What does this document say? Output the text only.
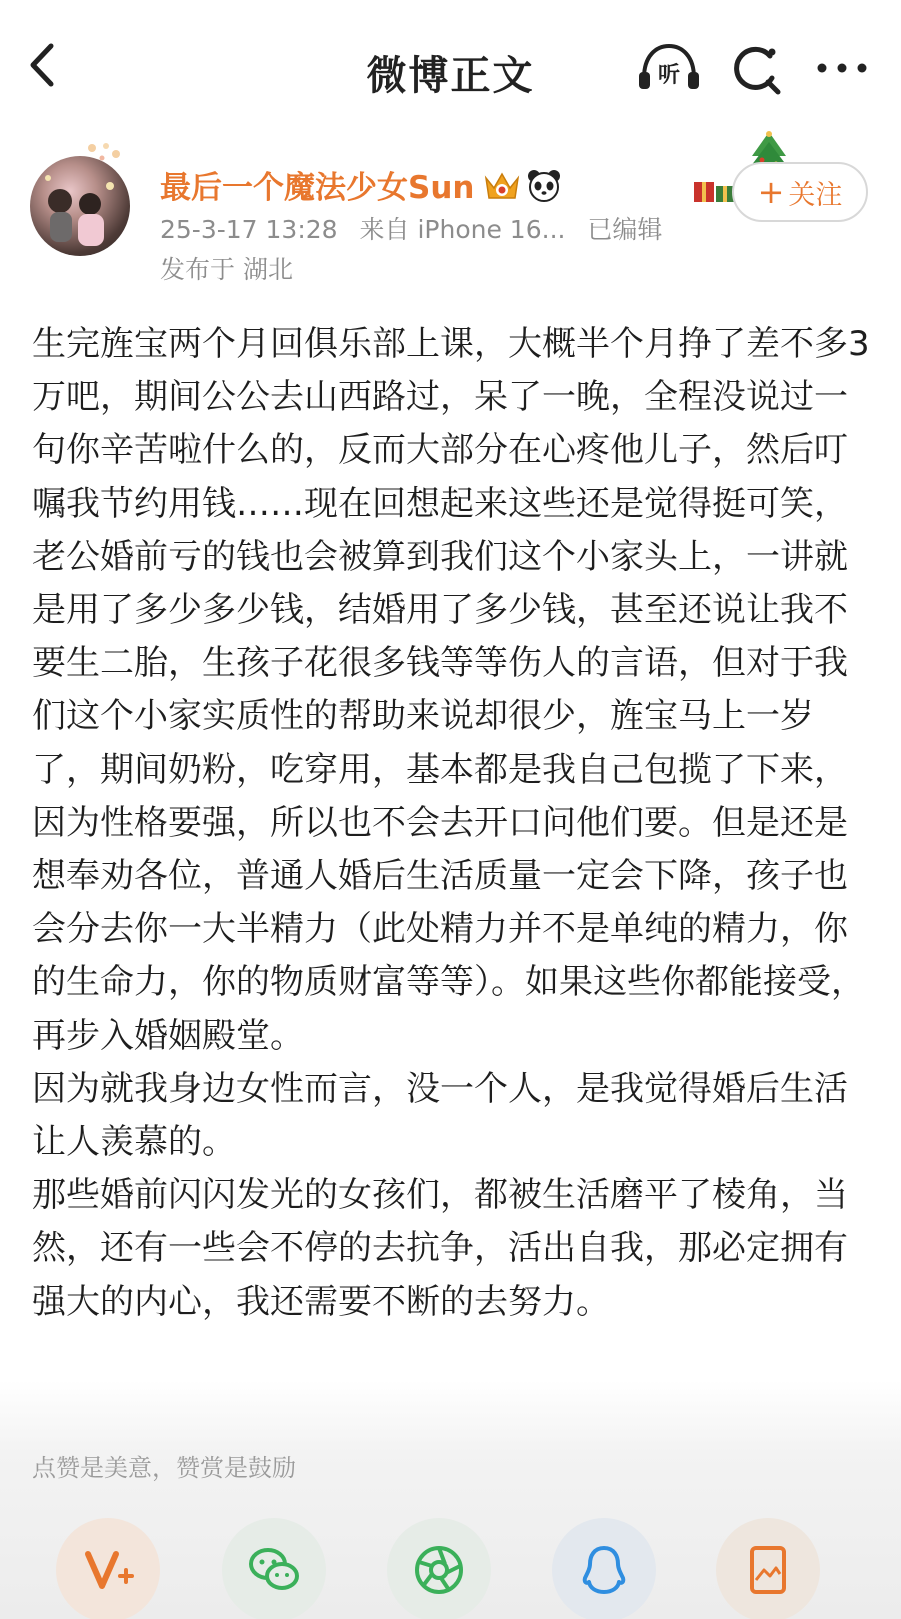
微博正文	听
最后一个魔法少女Sun
25-3-17 13:28 来自 iPhone 16... 已编辑
发布于 湖北
+ 关注

生完旌宝两个月回俱乐部上课，大概半个月挣了差不多3万吧，期间公公去山西路过，呆了一晚，全程没说过一句你辛苦啦什么的，反而大部分在心疼他儿子，然后叮嘱我节约用钱……现在回想起来这些还是觉得挺可笑，老公婚前亏的钱也会被算到我们这个小家头上，一讲就是用了多少多少钱，结婚用了多少钱，甚至还说让我不要生二胎，生孩子花很多钱等等伤人的言语，但对于我们这个小家实质性的帮助来说却很少，旌宝马上一岁了，期间奶粉，吃穿用，基本都是我自己包揽了下来，因为性格要强，所以也不会去开口问他们要。但是还是想奉劝各位，普通人婚后生活质量一定会下降，孩子也会分去你一大半精力（此处精力并不是单纯的精力，你的生命力，你的物质财富等等）。如果这些你都能接受，再步入婚姻殿堂。

因为就我身边女性而言，没一个人，是我觉得婚后生活让人羡慕的。

那些婚前闪闪发光的女孩们，都被生活磨平了棱角，当然，还有一些会不停的去抗争，活出自我，那必定拥有强大的内心，我还需要不断的去努力。

点赞是美意，赞赏是鼓励
